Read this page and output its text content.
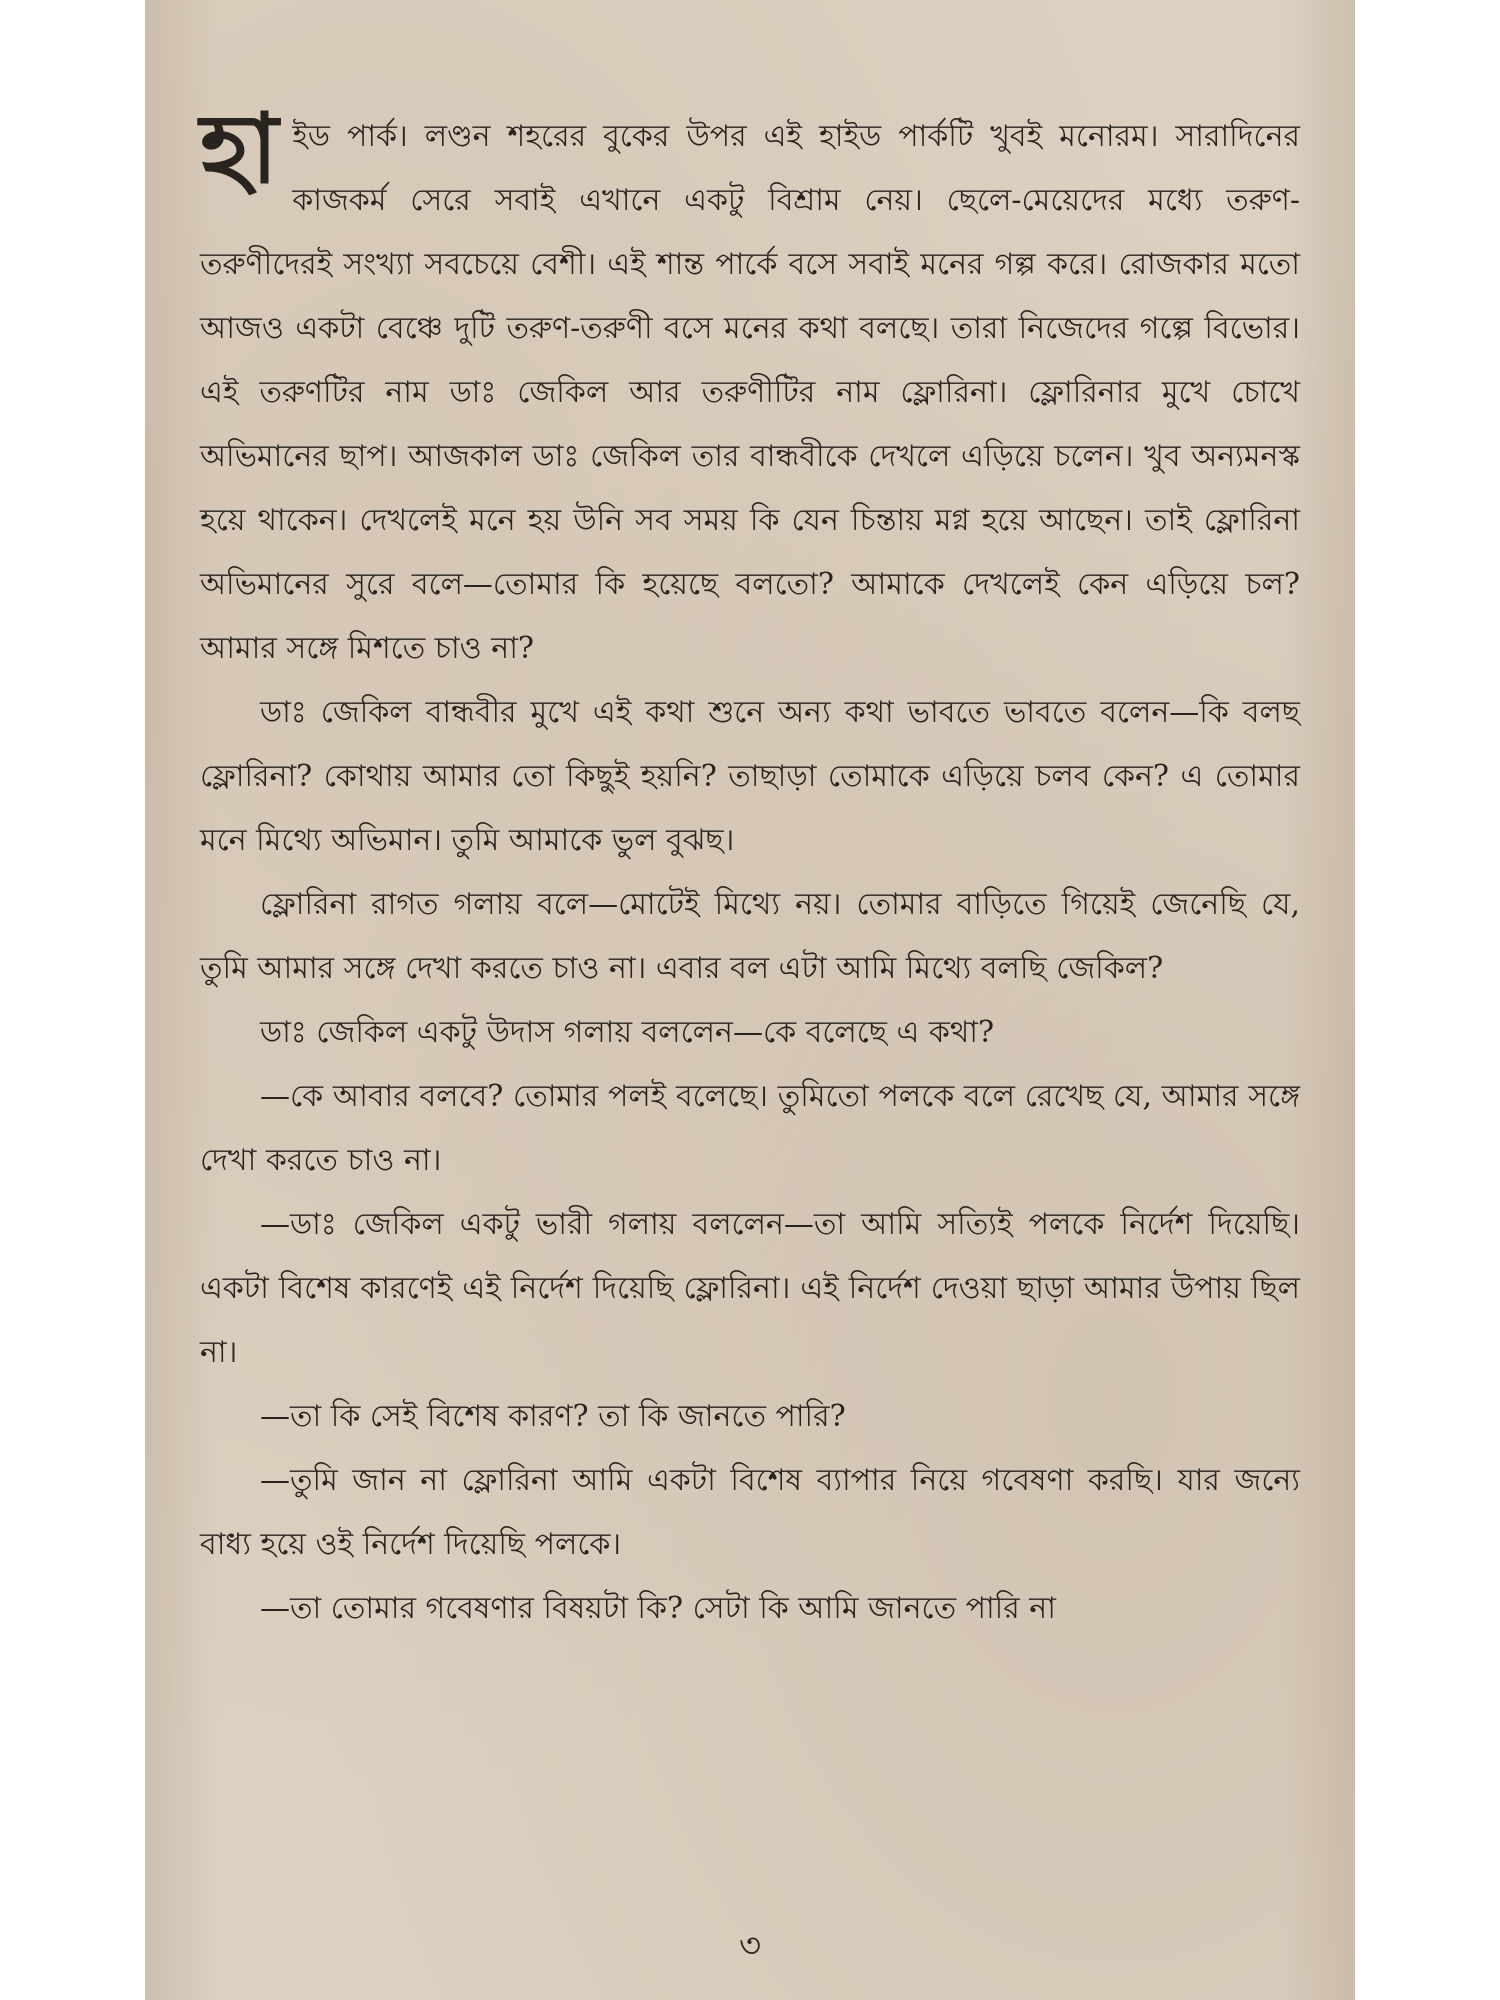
হাইড পার্ক। লণ্ডন শহরের বুকের উপর এই হাইড পার্কটি খুবই মনোরম। সারাদিনের কাজকর্ম সেরে সবাই এখানে একটু বিশ্রাম নেয়। ছেলে-মেয়েদের মধ্যে তরুণ-তরুণীদেরই সংখ্যা সবচেয়ে বেশী। এই শান্ত পার্কে বসে সবাই মনের গল্প করে। রোজকার মতো আজও একটা বেঞ্চে দুটি তরুণ-তরুণী বসে মনের কথা বলছে। তারা নিজেদের গল্পে বিভোর। এই তরুণটির নাম ডাঃ জেকিল আর তরুণীটির নাম ফ্লোরিনা। ফ্লোরিনার মুখে চোখে অভিমানের ছাপ। আজকাল ডাঃ জেকিল তার বান্ধবীকে দেখলে এড়িয়ে চলেন। খুব অন্যমনস্ক হয়ে থাকেন। দেখলেই মনে হয় উনি সব সময় কি যেন চিন্তায় মগ্ন হয়ে আছেন। তাই ফ্লোরিনা অভিমানের সুরে বলে—তোমার কি হয়েছে বলতো? আমাকে দেখলেই কেন এড়িয়ে চল? আমার সঙ্গে মিশতে চাও না?

ডাঃ জেকিল বান্ধবীর মুখে এই কথা শুনে অন্য কথা ভাবতে ভাবতে বলেন—কি বলছ ফ্লোরিনা? কোথায় আমার তো কিছুই হয়নি? তাছাড়া তোমাকে এড়িয়ে চলব কেন? এ তোমার মনে মিথ্যে অভিমান। তুমি আমাকে ভুল বুঝছ।

ফ্লোরিনা রাগত গলায় বলে—মোটেই মিথ্যে নয়। তোমার বাড়িতে গিয়েই জেনেছি যে, তুমি আমার সঙ্গে দেখা করতে চাও না। এবার বল এটা আমি মিথ্যে বলছি জেকিল?

ডাঃ জেকিল একটু উদাস গলায় বললেন—কে বলেছে এ কথা?

—কে আবার বলবে? তোমার পলই বলেছে। তুমিতো পলকে বলে রেখেছ যে, আমার সঙ্গে দেখা করতে চাও না।

—ডাঃ জেকিল একটু ভারী গলায় বললেন—তা আমি সত্যিই পলকে নির্দেশ দিয়েছি। একটা বিশেষ কারণেই এই নির্দেশ দিয়েছি ফ্লোরিনা। এই নির্দেশ দেওয়া ছাড়া আমার উপায় ছিল না।

—তা কি সেই বিশেষ কারণ? তা কি জানতে পারি?

—তুমি জান না ফ্লোরিনা আমি একটা বিশেষ ব্যাপার নিয়ে গবেষণা করছি। যার জন্যে বাধ্য হয়ে ওই নির্দেশ দিয়েছি পলকে।

—তা তোমার গবেষণার বিষয়টা কি? সেটা কি আমি জানতে পারি না

৩
